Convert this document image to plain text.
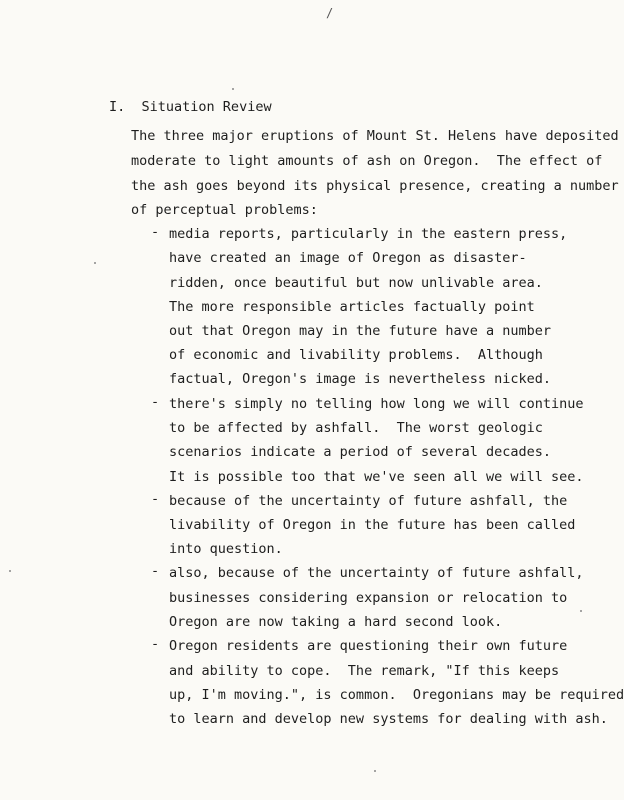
/
I. Situation Review
The three major eruptions of Mount St. Helens have deposited
moderate to light amounts of ash on Oregon.  The effect of
the ash goes beyond its physical presence, creating a number
of perceptual problems:
- media reports, particularly in the eastern press,
have created an image of Oregon as disaster-
ridden, once beautiful but now unlivable area.
The more responsible articles factually point
out that Oregon may in the future have a number
of economic and livability problems.  Although
factual, Oregon's image is nevertheless nicked.
- there's simply no telling how long we will continue
to be affected by ashfall.  The worst geologic
scenarios indicate a period of several decades.
It is possible too that we've seen all we will see.
- because of the uncertainty of future ashfall, the
livability of Oregon in the future has been called
into question.
- also, because of the uncertainty of future ashfall,
businesses considering expansion or relocation to
Oregon are now taking a hard second look.
- Oregon residents are questioning their own future
and ability to cope.  The remark, "If this keeps
up, I'm moving.", is common.  Oregonians may be required
to learn and develop new systems for dealing with ash.
